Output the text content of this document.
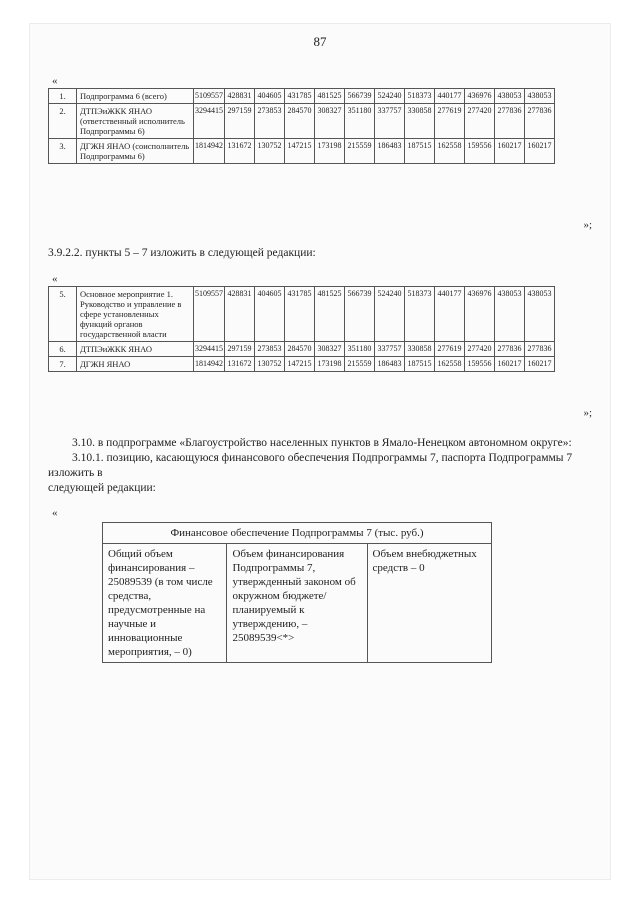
87
«
1.	Подпрограмма 6 (всего)	5109557	428831	404605	431785	481525	566739	524240	518373	440177	436976	438053	438053
2.	ДТПЭиЖКК ЯНАО (ответственный исполнитель Подпрограммы 6)	3294415	297159	273853	284570	308327	351180	337757	330858	277619	277420	277836	277836
3.	ДГЖН ЯНАО (соисполнитель Подпрограммы 6)	1814942	131672	130752	147215	173198	215559	186483	187515	162558	159556	160217	160217
»;
3.9.2.2. пункты 5 – 7 изложить в следующей редакции:
«
5.	Основное мероприятие 1. Руководство и управление в сфере установленных функций органов государственной власти	5109557	428831	404605	431785	481525	566739	524240	518373	440177	436976	438053	438053
6.	ДТПЭиЖКК ЯНАО	3294415	297159	273853	284570	308327	351180	337757	330858	277619	277420	277836	277836
7.	ДГЖН ЯНАО	1814942	131672	130752	147215	173198	215559	186483	187515	162558	159556	160217	160217
»;

3.10. в подпрограмме «Благоустройство населенных пунктов в Ямало-Ненецком автономном округе»:

3.10.1. позицию, касающуюся финансового обеспечения Подпрограммы 7, паспорта Подпрограммы 7 изложить в

следующей редакции:

«
Финансовое обеспечение Подпрограммы 7 (тыс. руб.)
Общий объем финансирования – 25089539 (в том числе средства, предусмотренные на научные и инновационные мероприятия, – 0)	Объем финансирования Подпрограммы 7, утвержденный законом об окружном бюджете/планируемый к утверждению, – 25089539<*>	Объем внебюджетных средств – 0
